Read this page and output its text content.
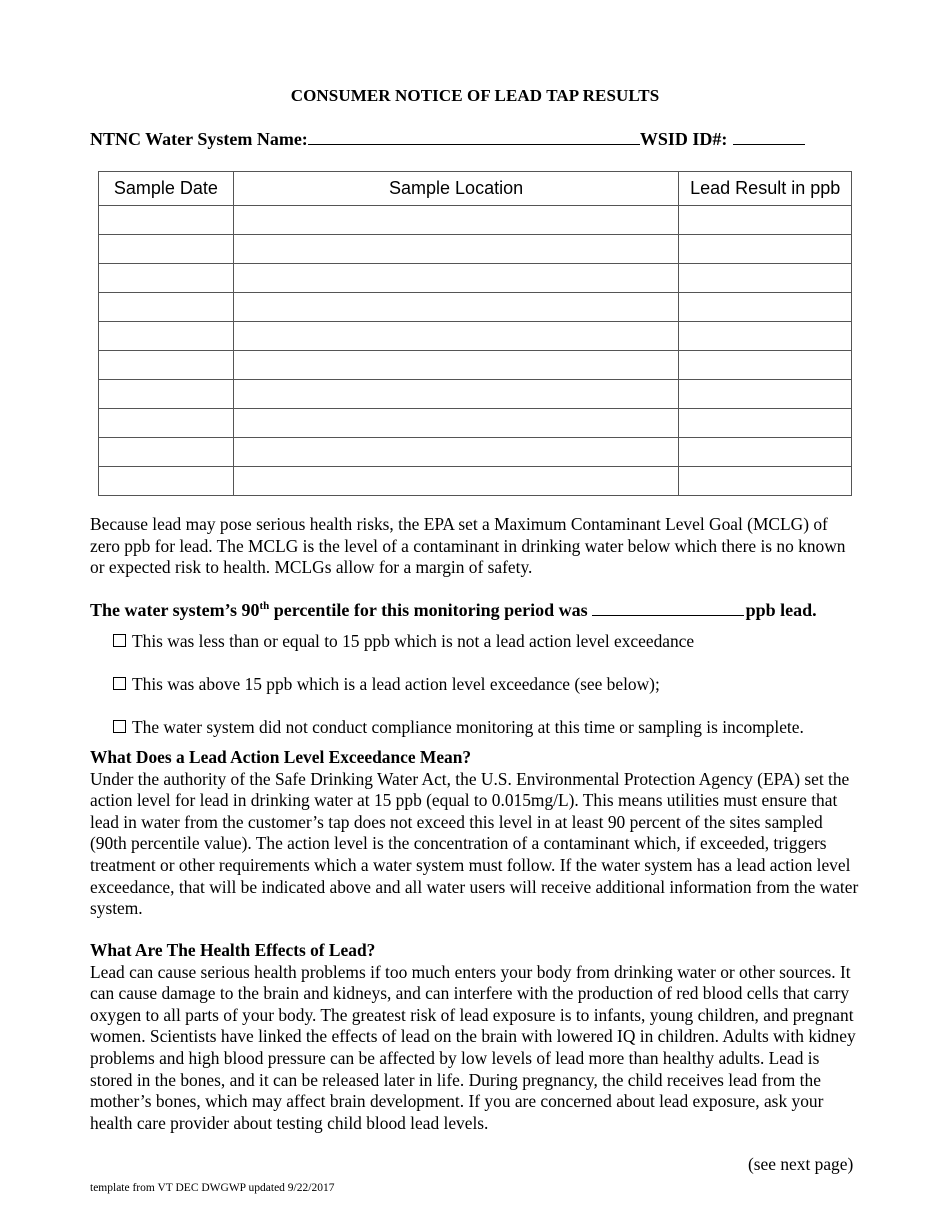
CONSUMER NOTICE OF LEAD TAP RESULTS
NTNC Water System Name:	WSID ID#:
Sample Date	Sample Location	Lead Result in ppb

Because lead may pose serious health risks, the EPA set a Maximum Contaminant Level Goal (MCLG) of zero ppb for lead. The MCLG is the level of a contaminant in drinking water below which there is no known or expected risk to health. MCLGs allow for a margin of safety.
The water system’s 90th percentile for this monitoring period was	ppb lead.
This was less than or equal to 15 ppb which is not a lead action level exceedance
This was above 15 ppb which is a lead action level exceedance (see below);
The water system did not conduct compliance monitoring at this time or sampling is incomplete.
What Does a Lead Action Level Exceedance Mean?
Under the authority of the Safe Drinking Water Act, the U.S. Environmental Protection Agency (EPA) set the action level for lead in drinking water at 15 ppb (equal to 0.015mg/L). This means utilities must ensure that lead in water from the customer’s tap does not exceed this level in at least 90 percent of the sites sampled (90th percentile value). The action level is the concentration of a contaminant which, if exceeded, triggers treatment or other requirements which a water system must follow. If the water system has a lead action level exceedance, that will be indicated above and all water users will receive additional information from the water system.
What Are The Health Effects of Lead?
Lead can cause serious health problems if too much enters your body from drinking water or other sources. It can cause damage to the brain and kidneys, and can interfere with the production of red blood cells that carry oxygen to all parts of your body. The greatest risk of lead exposure is to infants, young children, and pregnant women. Scientists have linked the effects of lead on the brain with lowered IQ in children. Adults with kidney problems and high blood pressure can be affected by low levels of lead more than healthy adults. Lead is stored in the bones, and it can be released later in life. During pregnancy, the child receives lead from the mother’s bones, which may affect brain development. If you are concerned about lead exposure, ask your health care provider about testing child blood lead levels.
(see next page)
template from VT DEC DWGWP updated 9/22/2017
